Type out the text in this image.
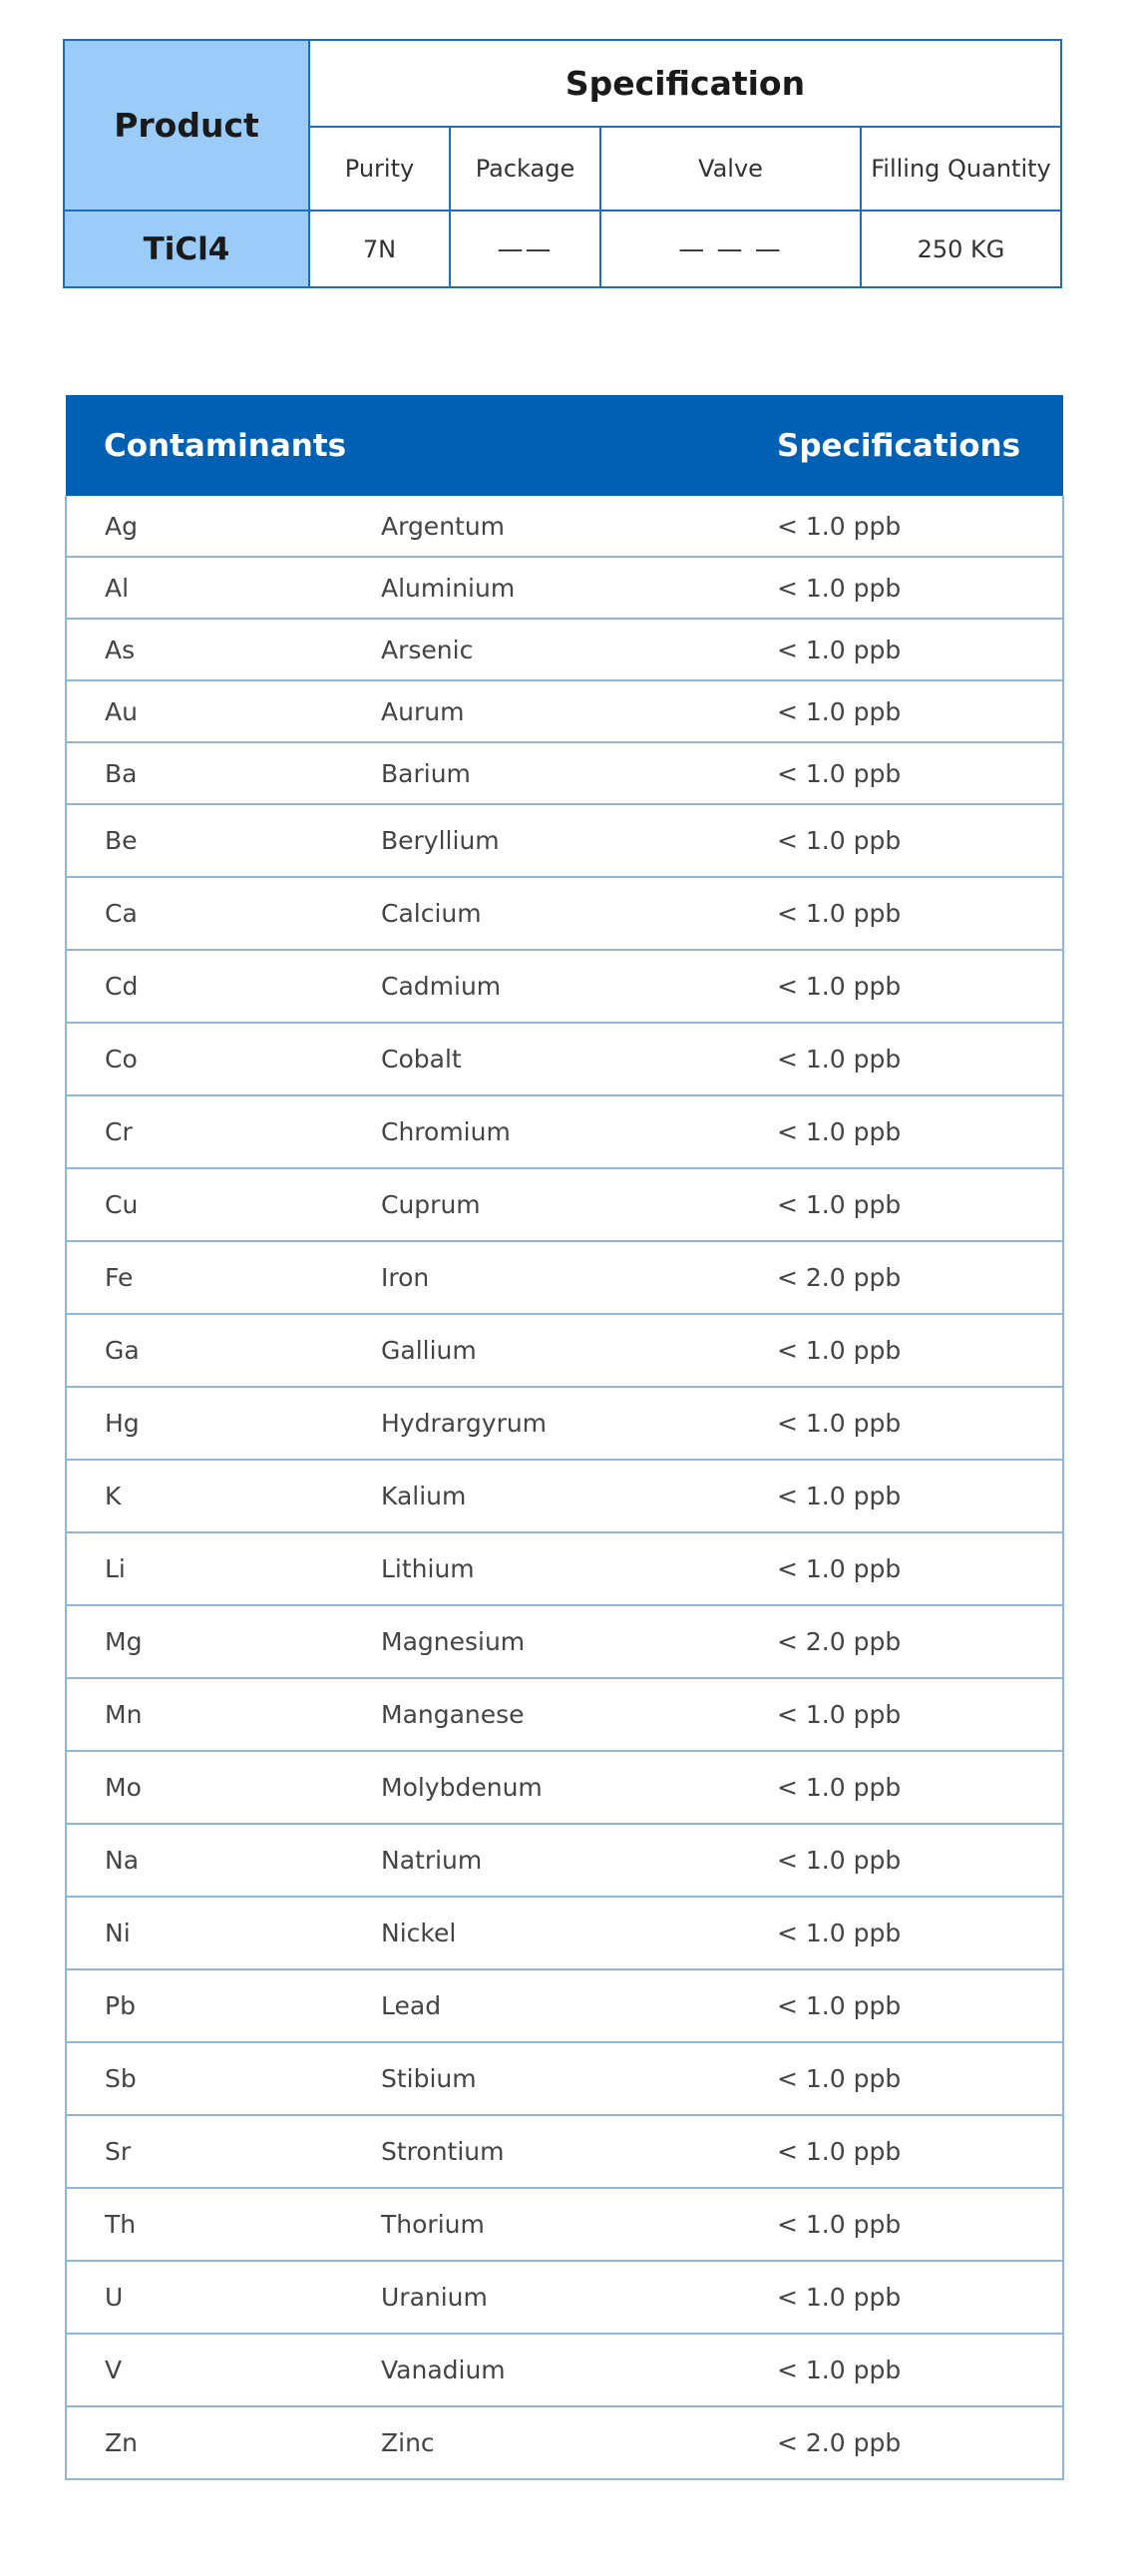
Product	Specification			
	Purity	Package	Valve	Filling Quantity
TiCl4	7N	——	— — —	250 KG
Contaminants		Specifications
Ag	Argentum	< 1.0 ppb
Al	Aluminium	< 1.0 ppb
As	Arsenic	< 1.0 ppb
Au	Aurum	< 1.0 ppb
Ba	Barium	< 1.0 ppb
Be	Beryllium	< 1.0 ppb
Ca	Calcium	< 1.0 ppb
Cd	Cadmium	< 1.0 ppb
Co	Cobalt	< 1.0 ppb
Cr	Chromium	< 1.0 ppb
Cu	Cuprum	< 1.0 ppb
Fe	Iron	< 2.0 ppb
Ga	Gallium	< 1.0 ppb
Hg	Hydrargyrum	< 1.0 ppb
K	Kalium	< 1.0 ppb
Li	Lithium	< 1.0 ppb
Mg	Magnesium	< 2.0 ppb
Mn	Manganese	< 1.0 ppb
Mo	Molybdenum	< 1.0 ppb
Na	Natrium	< 1.0 ppb
Ni	Nickel	< 1.0 ppb
Pb	Lead	< 1.0 ppb
Sb	Stibium	< 1.0 ppb
Sr	Strontium	< 1.0 ppb
Th	Thorium	< 1.0 ppb
U	Uranium	< 1.0 ppb
V	Vanadium	< 1.0 ppb
Zn	Zinc	< 2.0 ppb
